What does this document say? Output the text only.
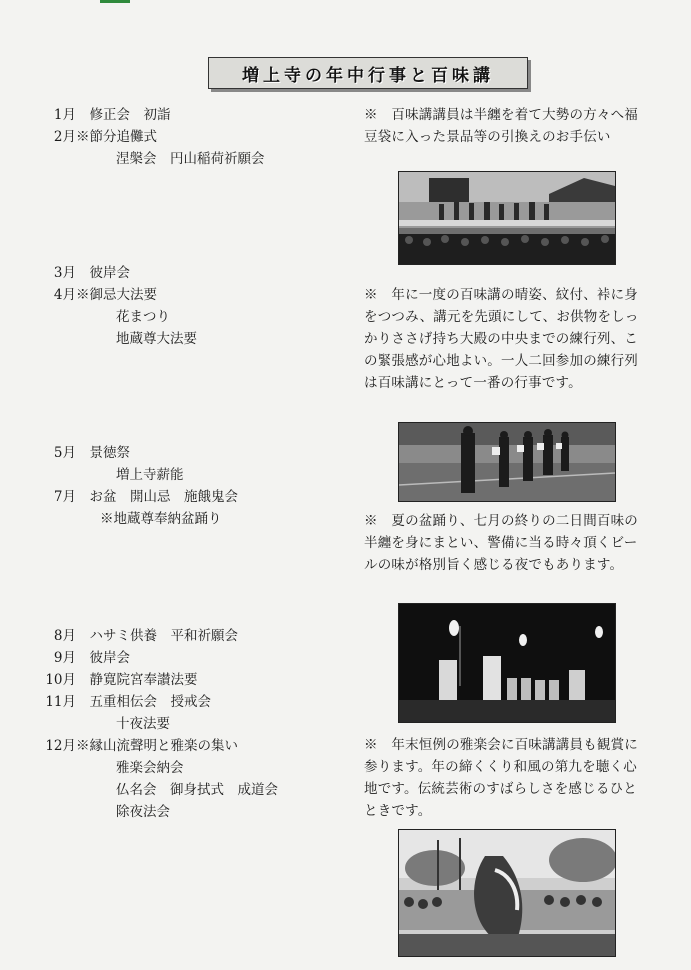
増上寺の年中行事と百味講
1月　修正会　初詣
2月※節分追儺式
涅槃会　円山稲荷祈願会
3月　彼岸会
4月※御忌大法要
花まつり
地蔵尊大法要
5月　景徳祭
増上寺薪能
7月　お盆　開山忌　施餓鬼会
※地蔵尊奉納盆踊り
8月　ハサミ供養　平和祈願会
9月　彼岸会
10月　静寛院宮奉讃法要
11月　五重相伝会　授戒会
十夜法要
12月※縁山流聲明と雅楽の集い
雅楽会納会
仏名会　御身拭式　成道会
除夜法会
※　百味講講員は半纏を着て大勢の方々へ福豆袋に入った景品等の引換えのお手伝い
※　年に一度の百味講の晴姿、紋付、裃に身をつつみ、講元を先頭にして、お供物をしっかりささげ持ち大殿の中央までの練行列、この緊張感が心地よい。一人二回参加の練行列は百味講にとって一番の行事です。
※　夏の盆踊り、七月の終りの二日間百味の半纏を身にまとい、警備に当る時々頂くビールの味が格別旨く感じる夜でもあります。
※　年末恒例の雅楽会に百味講講員も観賞に参ります。年の締くくり和風の第九を聴く心地です。伝統芸術のすばらしさを感じるひとときです。
